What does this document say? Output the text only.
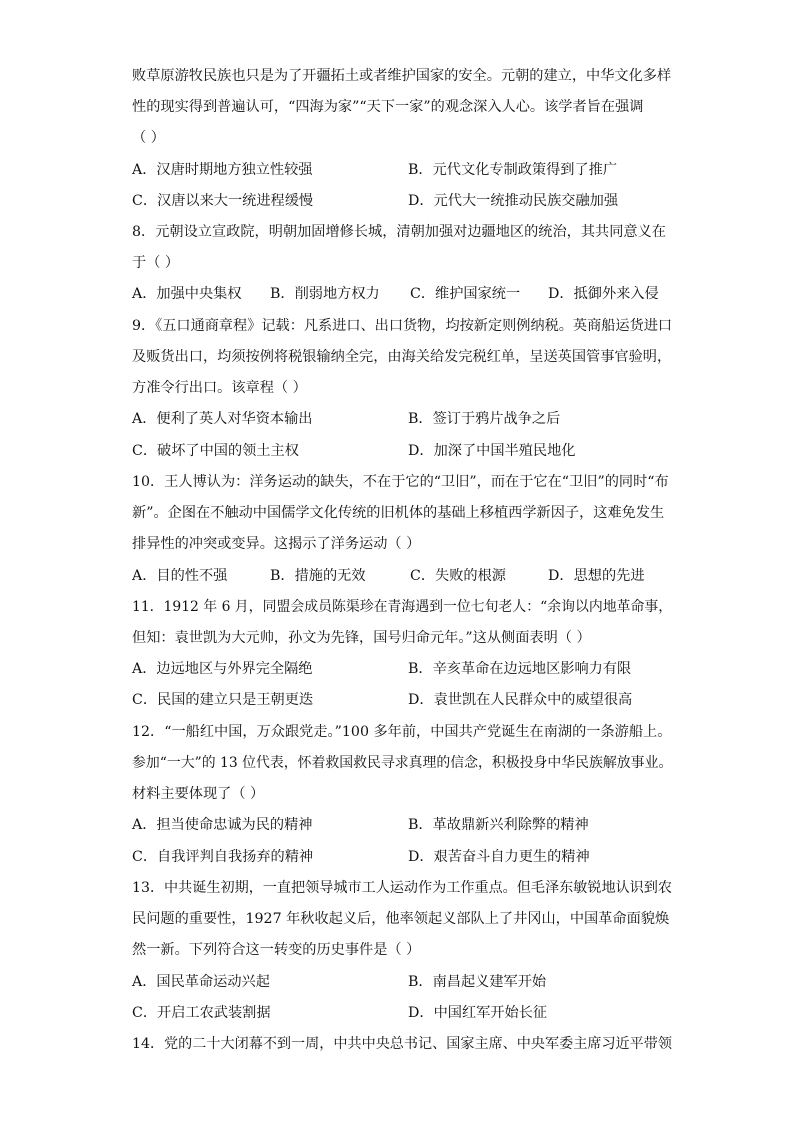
败草原游牧民族也只是为了开疆拓土或者维护国家的安全。元朝的建立，中华文化多样
性的现实得到普遍认可，“四海为家”“天下一家”的观念深入人心。该学者旨在强调
（ ）
A．汉唐时期地方独立性较强	B．元代文化专制政策得到了推广
C．汉唐以来大一统进程缓慢	D．元代大一统推动民族交融加强
8．元朝设立宣政院，明朝加固增修长城，清朝加强对边疆地区的统治，其共同意义在
于（ ）
A．加强中央集权 B．削弱地方权力 C．维护国家统一 D．抵御外来入侵
9．《五口通商章程》记载：凡系进口、出口货物，均按新定则例纳税。英商船运货进口
及贩货出口，均须按例将税银输纳全完，由海关给发完税红单，呈送英国管事官验明，
方准令行出口。该章程（ ）
A．便利了英人对华资本输出	B．签订于鸦片战争之后
C．破坏了中国的领土主权	D．加深了中国半殖民地化
10．王人博认为：洋务运动的缺失，不在于它的“卫旧”，而在于它在“卫旧”的同时“布
新”。企图在不触动中国儒学文化传统的旧机体的基础上移植西学新因子，这难免发生
排异性的冲突或变异。这揭示了洋务运动（ ）
A．目的性不强	B．措施的无效	C．失败的根源	D．思想的先进
11．1912 年 6 月，同盟会成员陈渠珍在青海遇到一位七旬老人：“余询以内地革命事，
但知：袁世凯为大元帅，孙文为先锋，国号归命元年。”这从侧面表明（ ）
A．边远地区与外界完全隔绝	B．辛亥革命在边远地区影响力有限
C．民国的建立只是王朝更迭	D．袁世凯在人民群众中的威望很高
12．“一船红中国，万众跟党走。”100 多年前，中国共产党诞生在南湖的一条游船上。
参加“一大”的 13 位代表，怀着救国救民寻求真理的信念，积极投身中华民族解放事业。
材料主要体现了（ ）
A．担当使命忠诚为民的精神	B．革故鼎新兴利除弊的精神
C．自我评判自我扬弃的精神	D．艰苦奋斗自力更生的精神
13．中共诞生初期，一直把领导城市工人运动作为工作重点。但毛泽东敏锐地认识到农
民问题的重要性，1927 年秋收起义后，他率领起义部队上了井冈山，中国革命面貌焕
然一新。下列符合这一转变的历史事件是（ ）
A．国民革命运动兴起	B．南昌起义建军开始
C．开启工农武装割据	D．中国红军开始长征
14．党的二十大闭幕不到一周，中共中央总书记、国家主席、中央军委主席习近平带领
